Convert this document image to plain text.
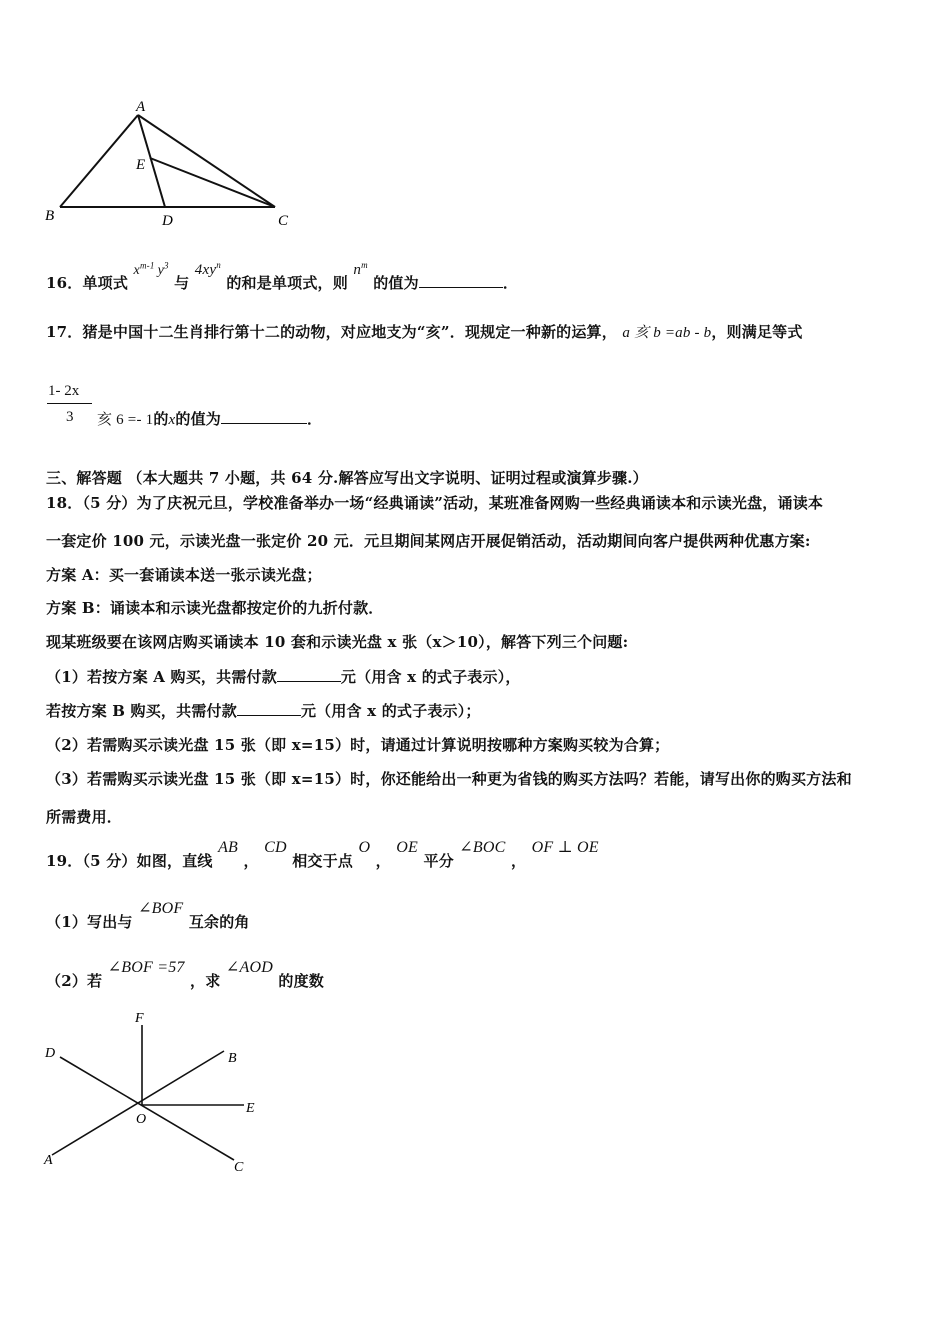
A
E
B	D	C
16．单项式 $x^{m-1}$ $y^3$ 与 $4xy^n$ 的和是单项式，则 $n^m$ 的值为	．
17．猪是中国十二生肖排行第十二的动物，对应地支为“亥”．现规定一种新的运算， a 亥 b =ab - b，则满足等式
1- 2x
3 亥 6 =- 1的x的值为	．
三、解答题 （本大题共 7 小题，共 64 分.解答应写出文字说明、证明过程或演算步骤.）
18．（5 分）为了庆祝元旦，学校准备举办一场“经典诵读”活动，某班准备网购一些经典诵读本和示读光盘，诵读本
一套定价 100 元，示读光盘一张定价 20 元．元旦期间某网店开展促销活动，活动期间向客户提供两种优惠方案:
方案 A：买一套诵读本送一张示读光盘；
方案 B：诵读本和示读光盘都按定价的九折付款．
现某班级要在该网店购买诵读本 10 套和示读光盘 x 张（x＞10），解答下列三个问题:
（1）若按方案 A 购买，共需付款	元（用含 x 的式子表示），
若按方案 B 购买，共需付款	元（用含 x 的式子表示）；
（2）若需购买示读光盘 15 张（即 x=15）时，请通过计算说明按哪种方案购买较为合算；
（3）若需购买示读光盘 15 张（即 x=15）时，你还能给出一种更为省钱的购买方法吗？若能，请写出你的购买方法和
所需费用．
19．（5 分）如图，直线 AB ， CD 相交于点 O ， OE 平分 ∠BOC ， OF ⊥ OE
（1）写出与 ∠BOF 互余的角
（2）若 ∠BOF =57 ，求 ∠AOD 的度数
F
D	B
E
O
A	C
